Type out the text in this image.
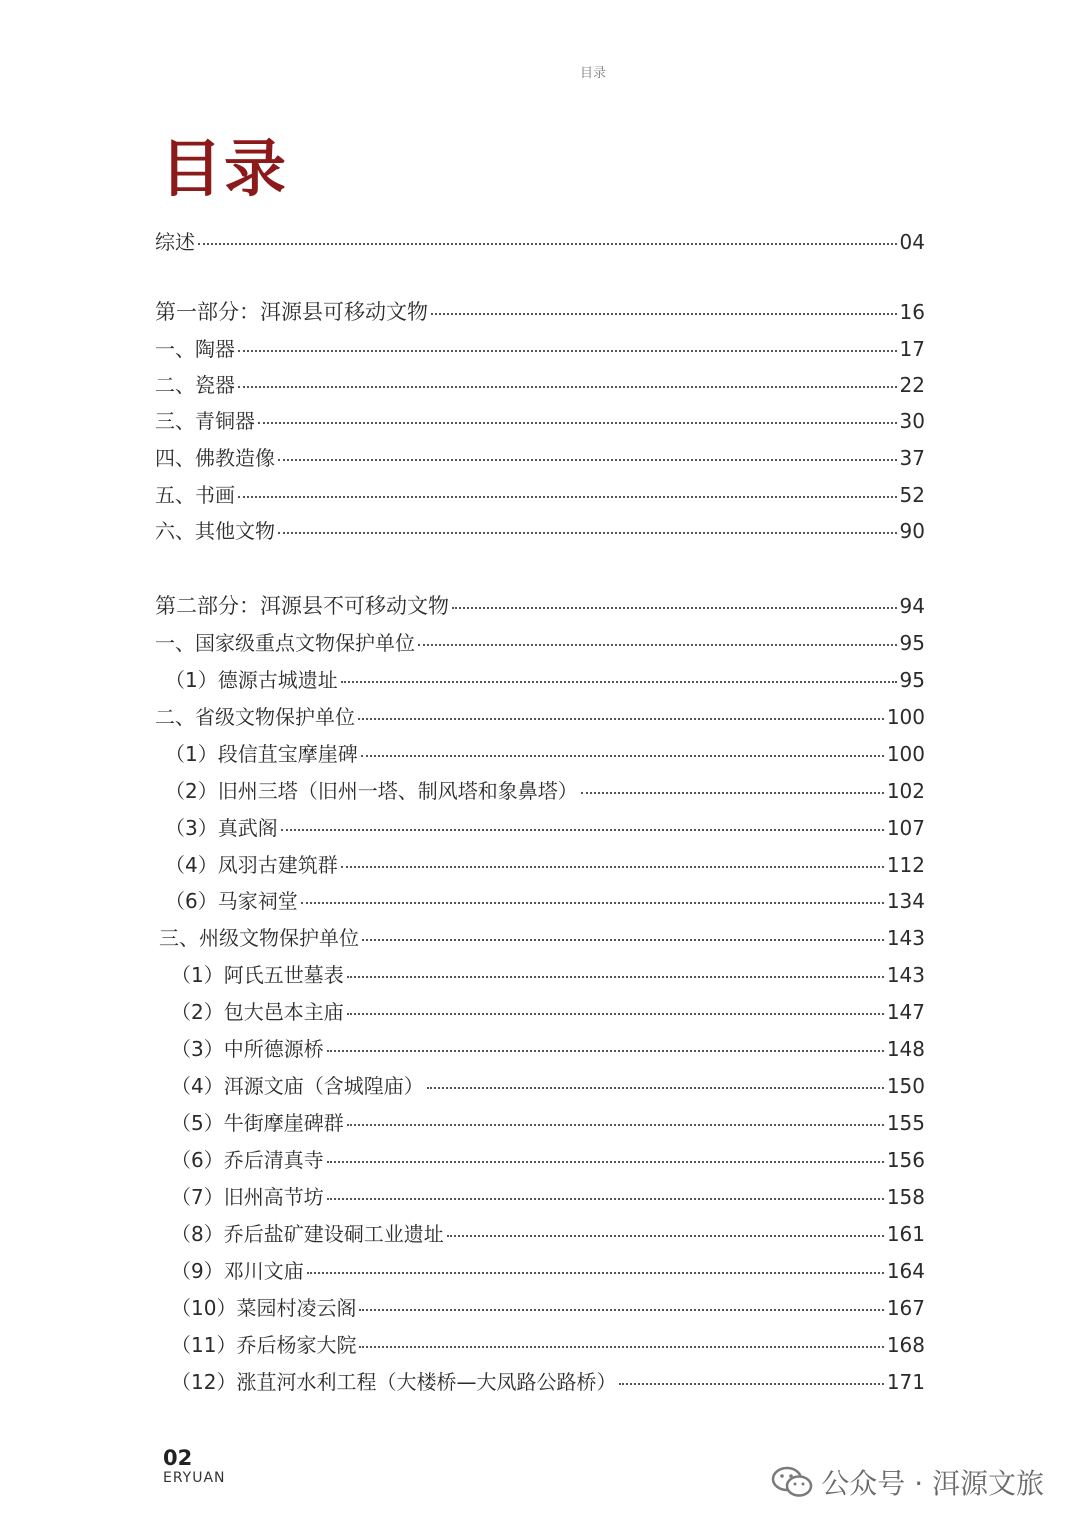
目录
目录
综述	04
第一部分：洱源县可移动文物	16
一、陶器	17
二、瓷器	22
三、青铜器	30
四、佛教造像	37
五、书画	52
六、其他文物	90
第二部分：洱源县不可移动文物	94
一、国家级重点文物保护单位	95
（1）德源古城遗址	95
二、省级文物保护单位	100
（1）段信苴宝摩崖碑	100
（2）旧州三塔（旧州一塔、制风塔和象鼻塔）	102
（3）真武阁	107
（4）凤羽古建筑群	112
（6）马家祠堂	134
三、州级文物保护单位	143
（1）阿氏五世墓表	143
（2）包大邑本主庙	147
（3）中所德源桥	148
（4）洱源文庙（含城隍庙）	150
（5）牛街摩崖碑群	155
（6）乔后清真寺	156
（7）旧州高节坊	158
（8）乔后盐矿建设硐工业遗址	161
（9）邓川文庙	164
（10）菜园村凌云阁	167
（11）乔后杨家大院	168
（12）涨苴河水利工程（大楼桥—大凤路公路桥）	171
02
ERYUAN	公众号 · 洱源文旅
